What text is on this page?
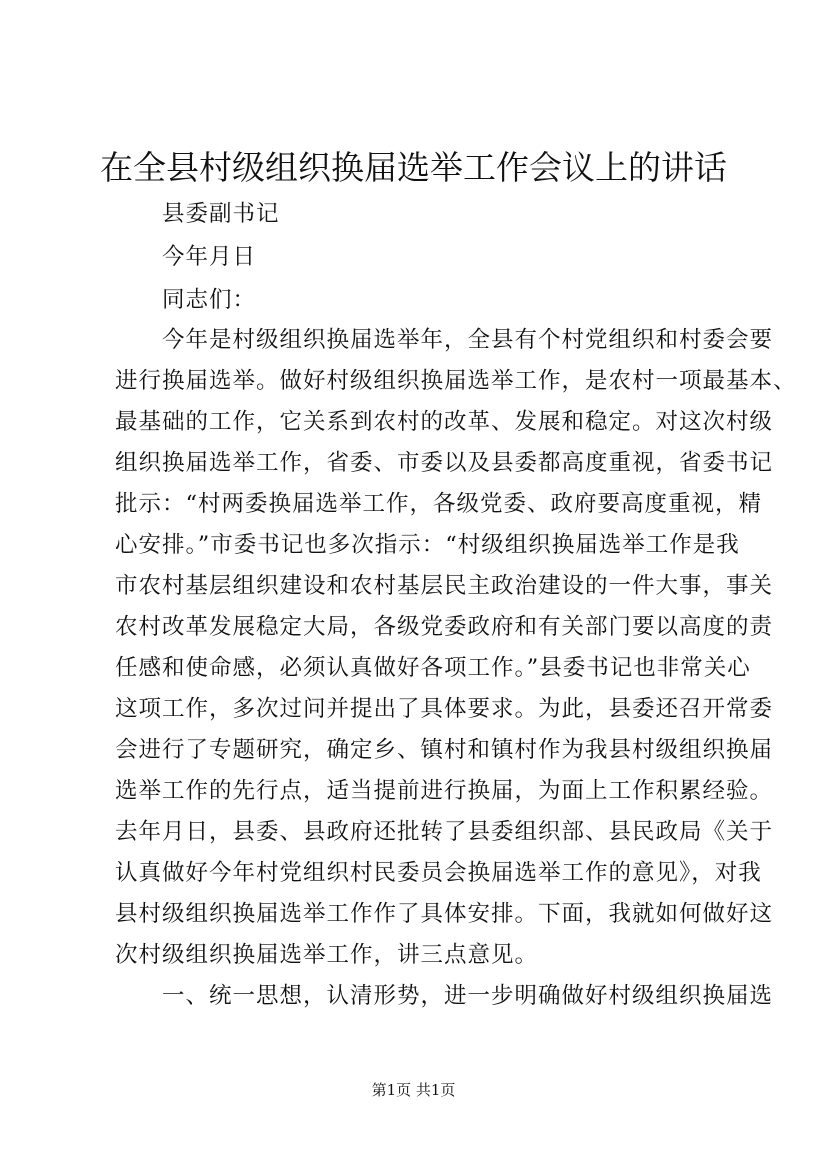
在全县村级组织换届选举工作会议上的讲话
县委副书记
今年月日
同志们：
今年是村级组织换届选举年，全县有个村党组织和村委会要
进行换届选举。做好村级组织换届选举工作，是农村一项最基本、
最基础的工作，它关系到农村的改革、发展和稳定。对这次村级
组织换届选举工作，省委、市委以及县委都高度重视，省委书记
批示：“村两委换届选举工作，各级党委、政府要高度重视，精
心安排。”市委书记也多次指示：“村级组织换届选举工作是我
市农村基层组织建设和农村基层民主政治建设的一件大事，事关
农村改革发展稳定大局，各级党委政府和有关部门要以高度的责
任感和使命感，必须认真做好各项工作。”县委书记也非常关心
这项工作，多次过问并提出了具体要求。为此，县委还召开常委
会进行了专题研究，确定乡、镇村和镇村作为我县村级组织换届
选举工作的先行点，适当提前进行换届，为面上工作积累经验。
去年月日，县委、县政府还批转了县委组织部、县民政局《关于
认真做好今年村党组织村民委员会换届选举工作的意见》，对我
县村级组织换届选举工作作了具体安排。下面，我就如何做好这
次村级组织换届选举工作，讲三点意见。
一、统一思想，认清形势，进一步明确做好村级组织换届选
第1页 共1页
